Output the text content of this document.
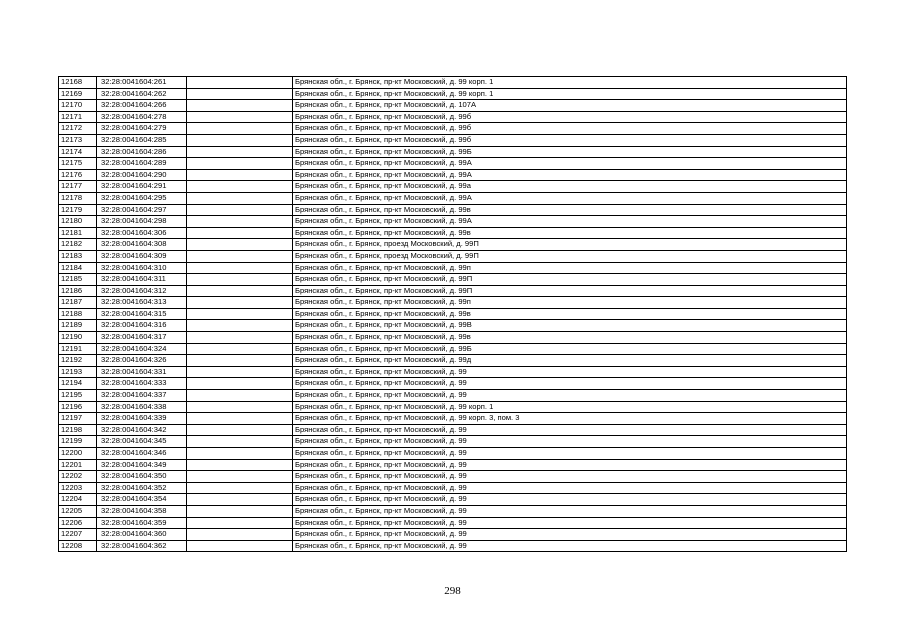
12168	32:28:0041604:261		Брянская обл., г. Брянск, пр-кт Московский, д. 99 корп. 1
12169	32:28:0041604:262		Брянская обл., г. Брянск, пр-кт Московский, д. 99 корп. 1
12170	32:28:0041604:266		Брянская обл., г. Брянск, пр-кт Московский, д. 107А
12171	32:28:0041604:278		Брянская обл., г. Брянск, пр-кт Московский, д. 99б
12172	32:28:0041604:279		Брянская обл., г. Брянск, пр-кт Московский, д. 99б
12173	32:28:0041604:285		Брянская обл., г. Брянск, пр-кт Московский, д. 99б
12174	32:28:0041604:286		Брянская обл., г. Брянск, пр-кт Московский, д. 99Б
12175	32:28:0041604:289		Брянская обл., г. Брянск, пр-кт Московский, д. 99А
12176	32:28:0041604:290		Брянская обл., г. Брянск, пр-кт Московский, д. 99А
12177	32:28:0041604:291		Брянская обл., г. Брянск, пр-кт Московский, д. 99а
12178	32:28:0041604:295		Брянская обл., г. Брянск, пр-кт Московский, д. 99А
12179	32:28:0041604:297		Брянская обл., г. Брянск, пр-кт Московский, д. 99в
12180	32:28:0041604:298		Брянская обл., г. Брянск, пр-кт Московский, д. 99А
12181	32:28:0041604:306		Брянская обл., г. Брянск, пр-кт Московский, д. 99в
12182	32:28:0041604:308		Брянская обл., г. Брянск, проезд Московский, д. 99П
12183	32:28:0041604:309		Брянская обл., г. Брянск, проезд Московский, д. 99П
12184	32:28:0041604:310		Брянская обл., г. Брянск, пр-кт Московский, д. 99п
12185	32:28:0041604:311		Брянская обл., г. Брянск, пр-кт Московский, д. 99П
12186	32:28:0041604:312		Брянская обл., г. Брянск, пр-кт Московский, д. 99П
12187	32:28:0041604:313		Брянская обл., г. Брянск, пр-кт Московский, д. 99п
12188	32:28:0041604:315		Брянская обл., г. Брянск, пр-кт Московский, д. 99в
12189	32:28:0041604:316		Брянская обл., г. Брянск, пр-кт Московский, д. 99В
12190	32:28:0041604:317		Брянская обл., г. Брянск, пр-кт Московский, д. 99в
12191	32:28:0041604:324		Брянская обл., г. Брянск, пр-кт Московский, д. 99Б
12192	32:28:0041604:326		Брянская обл., г. Брянск, пр-кт Московский, д. 99д
12193	32:28:0041604:331		Брянская обл., г. Брянск, пр-кт Московский, д. 99
12194	32:28:0041604:333		Брянская обл., г. Брянск, пр-кт Московский, д. 99
12195	32:28:0041604:337		Брянская обл., г. Брянск, пр-кт Московский, д. 99
12196	32:28:0041604:338		Брянская обл., г. Брянск, пр-кт Московский, д. 99 корп. 1
12197	32:28:0041604:339		Брянская обл., г. Брянск, пр-кт Московский, д. 99 корп. 3, пом. 3
12198	32:28:0041604:342		Брянская обл., г. Брянск, пр-кт Московский, д. 99
12199	32:28:0041604:345		Брянская обл., г. Брянск, пр-кт Московский, д. 99
12200	32:28:0041604:346		Брянская обл., г. Брянск, пр-кт Московский, д. 99
12201	32:28:0041604:349		Брянская обл., г. Брянск, пр-кт Московский, д. 99
12202	32:28:0041604:350		Брянская обл., г. Брянск, пр-кт Московский, д. 99
12203	32:28:0041604:352		Брянская обл., г. Брянск, пр-кт Московский, д. 99
12204	32:28:0041604:354		Брянская обл., г. Брянск, пр-кт Московский, д. 99
12205	32:28:0041604:358		Брянская обл., г. Брянск, пр-кт Московский, д. 99
12206	32:28:0041604:359		Брянская обл., г. Брянск, пр-кт Московский, д. 99
12207	32:28:0041604:360		Брянская обл., г. Брянск, пр-кт Московский, д. 99
12208	32:28:0041604:362		Брянская обл., г. Брянск, пр-кт Московский, д. 99
298
